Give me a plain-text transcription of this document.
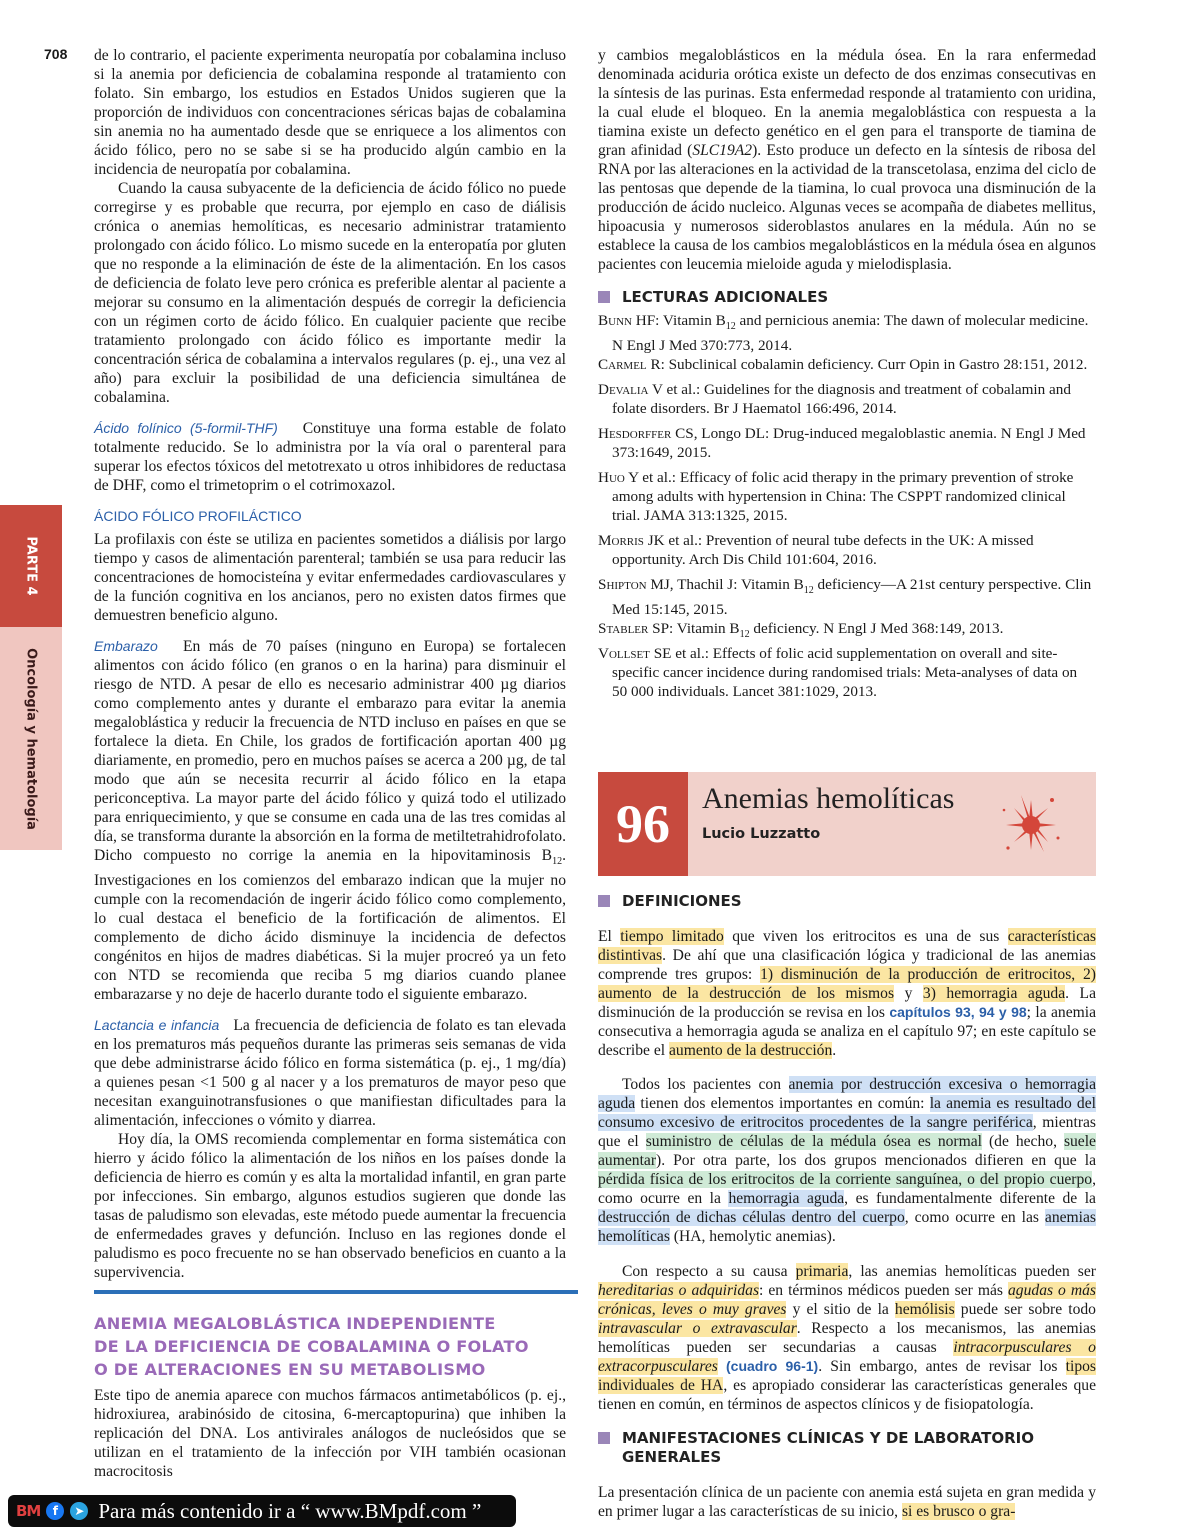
708
PARTE 4
Oncología y hematología

de lo contrario, el paciente experimenta neuropatía por cobalamina incluso si la anemia por deficiencia de cobalamina responde al tratamiento con folato. Sin embargo, los estudios en Estados Unidos sugieren que la proporción de individuos con concentraciones séricas bajas de cobalamina sin anemia no ha aumentado desde que se enriquece a los alimentos con ácido fólico, pero no se sabe si se ha producido algún cambio en la incidencia de neuropatía por cobalamina.

Cuando la causa subyacente de la deficiencia de ácido fólico no puede corregirse y es probable que recurra, por ejemplo en caso de diálisis crónica o anemias hemolíticas, es necesario administrar tratamiento prolongado con ácido fólico. Lo mismo sucede en la enteropatía por gluten que no responde a la eliminación de éste de la alimentación. En los casos de deficiencia de folato leve pero crónica es preferible alentar al paciente a mejorar su consumo en la alimentación después de corregir la deficiencia con un régimen corto de ácido fólico. En cualquier paciente que recibe tratamiento prolongado con ácido fólico es importante medir la concentración sérica de cobalamina a intervalos regulares (p. ej., una vez al año) para excluir la posibilidad de una deficiencia simultánea de cobalamina.

Ácido folínico (5-formil-THF) Constituye una forma estable de folato totalmente reducido. Se lo administra por la vía oral o parenteral para superar los efectos tóxicos del metotrexato u otros inhibidores de reductasa de DHF, como el trimetoprim o el cotrimoxazol.

ÁCIDO FÓLICO PROFILÁCTICO

La profilaxis con éste se utiliza en pacientes sometidos a diálisis por largo tiempo y casos de alimentación parenteral; también se usa para reducir las concentraciones de homocisteína y evitar enfermedades cardiovasculares y de la función cognitiva en los ancianos, pero no existen datos firmes que demuestren beneficio alguno.

Embarazo En más de 70 países (ninguno en Europa) se fortalecen alimentos con ácido fólico (en granos o en la harina) para disminuir el riesgo de NTD. A pesar de ello es necesario administrar 400 µg diarios como complemento antes y durante el embarazo para evitar la anemia megaloblástica y reducir la frecuencia de NTD incluso en países en que se fortalece la dieta. En Chile, los grados de fortificación aportan 400 µg diariamente, en promedio, pero en muchos países se acerca a 200 µg, de tal modo que aún se necesita recurrir al ácido fólico en la etapa periconceptiva. La mayor parte del ácido fólico y quizá todo el utilizado para enriquecimiento, y que se consume en cada una de las tres comidas al día, se transforma durante la absorción en la forma de metiltetrahidrofolato. Dicho compuesto no corrige la anemia en la hipovitaminosis $B_{12}$. Investigaciones en los comienzos del embarazo indican que la mujer no cumple con la recomendación de ingerir ácido fólico como complemento, lo cual destaca el beneficio de la fortificación de alimentos. El complemento de dicho ácido disminuye la incidencia de defectos congénitos en hijos de madres diabéticas. Si la mujer procreó ya un feto con NTD se recomienda que reciba 5 mg diarios cuando planee embarazarse y no deje de hacerlo durante todo el siguiente embarazo.

Lactancia e infancia La frecuencia de deficiencia de folato es tan elevada en los prematuros más pequeños durante las primeras seis semanas de vida que debe administrarse ácido fólico en forma sistemática (p. ej., 1 mg/día) a quienes pesan <1 500 g al nacer y a los prematuros de mayor peso que necesitan exanguinotransfusiones o que manifiestan dificultades para la alimentación, infecciones o vómito y diarrea.

Hoy día, la OMS recomienda complementar en forma sistemática con hierro y ácido fólico la alimentación de los niños en los países donde la deficiencia de hierro es común y es alta la mortalidad infantil, en gran parte por infecciones. Sin embargo, algunos estudios sugieren que donde las tasas de paludismo son elevadas, este método puede aumentar la frecuencia de enfermedades graves y defunción. Incluso en las regiones donde el paludismo es poco frecuente no se han observado beneficios en cuanto a la supervivencia.

ANEMIA MEGALOBLÁSTICA INDEPENDIENTE
DE LA DEFICIENCIA DE COBALAMINA O FOLATO
O DE ALTERACIONES EN SU METABOLISMO
Este tipo de anemia aparece con muchos fármacos antimetabólicos (p. ej., hidroxiurea, arabinósido de citosina, 6-mercaptopurina) que inhiben la replicación del DNA. Los antivirales análogos de nucleósidos que se utilizan en el tratamiento de la infección por VIH también ocasionan macrocitosis

y cambios megaloblásticos en la médula ósea. En la rara enfermedad denominada aciduria orótica existe un defecto de dos enzimas consecutivas en la síntesis de las purinas. Esta enfermedad responde al tratamiento con uridina, la cual elude el bloqueo. En la anemia megaloblástica con respuesta a la tiamina existe un defecto genético en el gen para el transporte de tiamina de gran afinidad (SLC19A2). Esto produce un defecto en la síntesis de ribosa del RNA por las alteraciones en la actividad de la transcetolasa, enzima del ciclo de las pentosas que depende de la tiamina, lo cual provoca una disminución de la producción de ácido nucleico. Algunas veces se acompaña de diabetes mellitus, hipoacusia y numerosos sideroblastos anulares en la médula. Aún no se establece la causa de los cambios megaloblásticos en la médula ósea en algunos pacientes con leucemia mieloide aguda y mielodisplasia.

LECTURAS ADICIONALES

Bunn HF: Vitamin $B_{12}$ and pernicious anemia: The dawn of molecular medicine. N Engl J Med 370:773, 2014.

Carmel R: Subclinical cobalamin deficiency. Curr Opin in Gastro 28:151, 2012.

Devalia V et al.: Guidelines for the diagnosis and treatment of cobalamin and folate disorders. Br J Haematol 166:496, 2014.

Hesdorffer CS, Longo DL: Drug-induced megaloblastic anemia. N Engl J Med 373:1649, 2015.

Huo Y et al.: Efficacy of folic acid therapy in the primary prevention of stroke among adults with hypertension in China: The CSPPT randomized clinical trial. JAMA 313:1325, 2015.

Morris JK et al.: Prevention of neural tube defects in the UK: A missed opportunity. Arch Dis Child 101:604, 2016.

Shipton MJ, Thachil J: Vitamin $B_{12}$ deficiency—A 21st century perspective. Clin Med 15:145, 2015.

Stabler SP: Vitamin $B_{12}$ deficiency. N Engl J Med 368:149, 2013.

Vollset SE et al.: Effects of folic acid supplementation on overall and site-specific cancer incidence during randomised trials: Meta-analyses of data on 50 000 individuals. Lancet 381:1029, 2013.

96	Anemias hemolíticas
Lucio Luzzatto

DEFINICIONES

El tiempo limitado que viven los eritrocitos es una de sus características distintivas. De ahí que una clasificación lógica y tradicional de las anemias comprende tres grupos: 1) disminución de la producción de eritrocitos, 2) aumento de la destrucción de los mismos y 3) hemorragia aguda. La disminución de la producción se revisa en los capítulos 93, 94 y 98; la anemia consecutiva a hemorragia aguda se analiza en el capítulo 97; en este capítulo se describe el aumento de la destrucción.

Todos los pacientes con anemia por destrucción excesiva o hemorragia aguda tienen dos elementos importantes en común: la anemia es resultado del consumo excesivo de eritrocitos procedentes de la sangre periférica, mientras que el suministro de células de la médula ósea es normal (de hecho, suele aumentar). Por otra parte, los dos grupos mencionados difieren en que la pérdida física de los eritrocitos de la corriente sanguínea, o del propio cuerpo, como ocurre en la hemorragia aguda, es fundamentalmente diferente de la destrucción de dichas células dentro del cuerpo, como ocurre en las anemias hemolíticas (HA, hemolytic anemias).

Con respecto a su causa primaria, las anemias hemolíticas pueden ser hereditarias o adquiridas: en términos médicos pueden ser más agudas o más crónicas, leves o muy graves y el sitio de la hemólisis puede ser sobre todo intravascular o extravascular. Respecto a los mecanismos, las anemias hemolíticas pueden ser secundarias a causas intracorpusculares o extracorpusculares (cuadro 96-1). Sin embargo, antes de revisar los tipos individuales de HA, es apropiado considerar las características generales que tienen en común, en términos de aspectos clínicos y de fisiopatología.

MANIFESTACIONES CLÍNICAS Y DE LABORATORIO
GENERALES

La presentación clínica de un paciente con anemia está sujeta en gran medida y en primer lugar a las características de su inicio, si es brusco o gra-

BM	f	➤ Para más contenido ir a “ www.BMpdf.com ”
